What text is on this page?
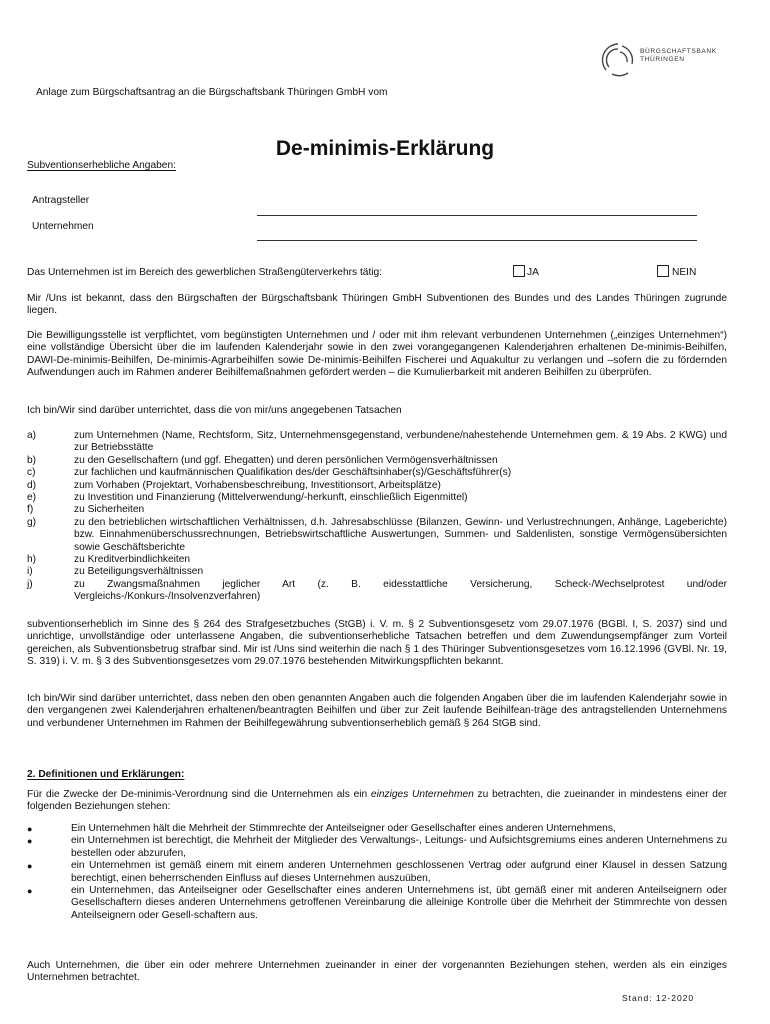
BÜRGSCHAFTSBANK
THÜRINGEN
Anlage zum Bürgschaftsantrag an die Bürgschaftsbank Thüringen GmbH vom
De-minimis-Erklärung
Subventionserhebliche Angaben:
Antragsteller
Unternehmen
Das Unternehmen ist im Bereich des gewerblichen Straßengüterverkehrs tätig:	JA	NEIN
Mir /Uns ist bekannt, dass den Bürgschaften der Bürgschaftsbank Thüringen GmbH Subventionen des Bundes und des Landes Thüringen zugrunde liegen.
Die Bewilligungsstelle ist verpflichtet, vom begünstigten Unternehmen und / oder mit ihm relevant verbundenen Unternehmen („einziges Unternehmen“) eine vollständige Übersicht über die im laufenden Kalenderjahr sowie in den zwei vorangegangenen Kalenderjahren erhaltenen De-minimis-Beihilfen, DAWI-De-minimis-Beihilfen, De-minimis-Agrarbeihilfen sowie De-minimis-Beihilfen Fischerei und Aquakultur zu verlangen und –sofern die zu fördernden Aufwendungen auch im Rahmen anderer Beihilfemaßnahmen gefördert werden – die Kumulierbarkeit mit anderen Beihilfen zu überprüfen.
Ich bin/Wir sind darüber unterrichtet, dass die von mir/uns angegebenen Tatsachen
a)	zum Unternehmen (Name, Rechtsform, Sitz, Unternehmensgegenstand, verbundene/nahestehende Unternehmen gem. & 19 Abs. 2 KWG) und zur Betriebsstätte
b)	zu den Gesellschaftern (und ggf. Ehegatten) und deren persönlichen Vermögensverhältnissen
c)	zur fachlichen und kaufmännischen Qualifikation des/der Geschäftsinhaber(s)/Geschäftsführer(s)
d)	zum Vorhaben (Projektart, Vorhabensbeschreibung, Investitionsort, Arbeitsplätze)
e)	zu Investition und Finanzierung (Mittelverwendung/-herkunft, einschließlich Eigenmittel)
f)	zu Sicherheiten
g)	zu den betrieblichen wirtschaftlichen Verhältnissen, d.h. Jahresabschlüsse (Bilanzen, Gewinn- und Verlustrechnungen, Anhänge, Lageberichte) bzw. Einnahmenüberschussrechnungen, Betriebswirtschaftliche Auswertungen, Summen- und Saldenlisten, sonstige Vermögensübersichten sowie Geschäftsberichte
h)	zu Kreditverbindlichkeiten
i)	zu Beteiligungsverhältnissen
j)	zu Zwangsmaßnahmen jeglicher Art (z. B. eidesstattliche Versicherung, Scheck-/Wechselprotest und/oder Vergleichs-/Konkurs-/Insolvenzverfahren)
subventionserheblich im Sinne des § 264 des Strafgesetzbuches (StGB) i. V. m. § 2 Subventionsgesetz vom 29.07.1976 (BGBl. I, S. 2037) sind und unrichtige, unvollständige oder unterlassene Angaben, die subventionserhebliche Tatsachen betreffen und dem Zuwendungsempfänger zum Vorteil gereichen, als Subventionsbetrug strafbar sind. Mir ist /Uns sind weiterhin die nach § 1 des Thüringer Subventionsgesetzes vom 16.12.1996 (GVBl. Nr. 19, S. 319) i. V. m. § 3 des Subventionsgesetzes vom 29.07.1976 bestehenden Mitwirkungspflichten bekannt.
Ich bin/Wir sind darüber unterrichtet, dass neben den oben genannten Angaben auch die folgenden Angaben über die im laufenden Kalenderjahr sowie in den vergangenen zwei Kalenderjahren erhaltenen/beantragten Beihilfen und über zur Zeit laufende Beihilfean-träge des antragstellenden Unternehmens und verbundener Unternehmen im Rahmen der Beihilfegewährung subventionserheblich gemäß § 264 StGB sind.
2. Definitionen und Erklärungen:
Für die Zwecke der De-minimis-Verordnung sind die Unternehmen als ein einziges Unternehmen zu betrachten, die zueinander in mindestens einer der folgenden Beziehungen stehen:
●	Ein Unternehmen hält die Mehrheit der Stimmrechte der Anteilseigner oder Gesellschafter eines anderen Unternehmens,
●	ein Unternehmen ist berechtigt, die Mehrheit der Mitglieder des Verwaltungs-, Leitungs- und Aufsichtsgremiums eines anderen Unternehmens zu bestellen oder abzurufen,
●	ein Unternehmen ist gemäß einem mit einem anderen Unternehmen geschlossenen Vertrag oder aufgrund einer Klausel in dessen Satzung berechtigt, einen beherrschenden Einfluss auf dieses Unternehmen auszuüben,
●	ein Unternehmen, das Anteilseigner oder Gesellschafter eines anderen Unternehmens ist, übt gemäß einer mit anderen Anteilseignern oder Gesellschaftern dieses anderen Unternehmens getroffenen Vereinbarung die alleinige Kontrolle über die Mehrheit der Stimmrechte von dessen Anteilseignern oder Gesell-schaftern aus.
Auch Unternehmen, die über ein oder mehrere Unternehmen zueinander in einer der vorgenannten Beziehungen stehen, werden als ein einziges Unternehmen betrachtet.
Stand: 12-2020
